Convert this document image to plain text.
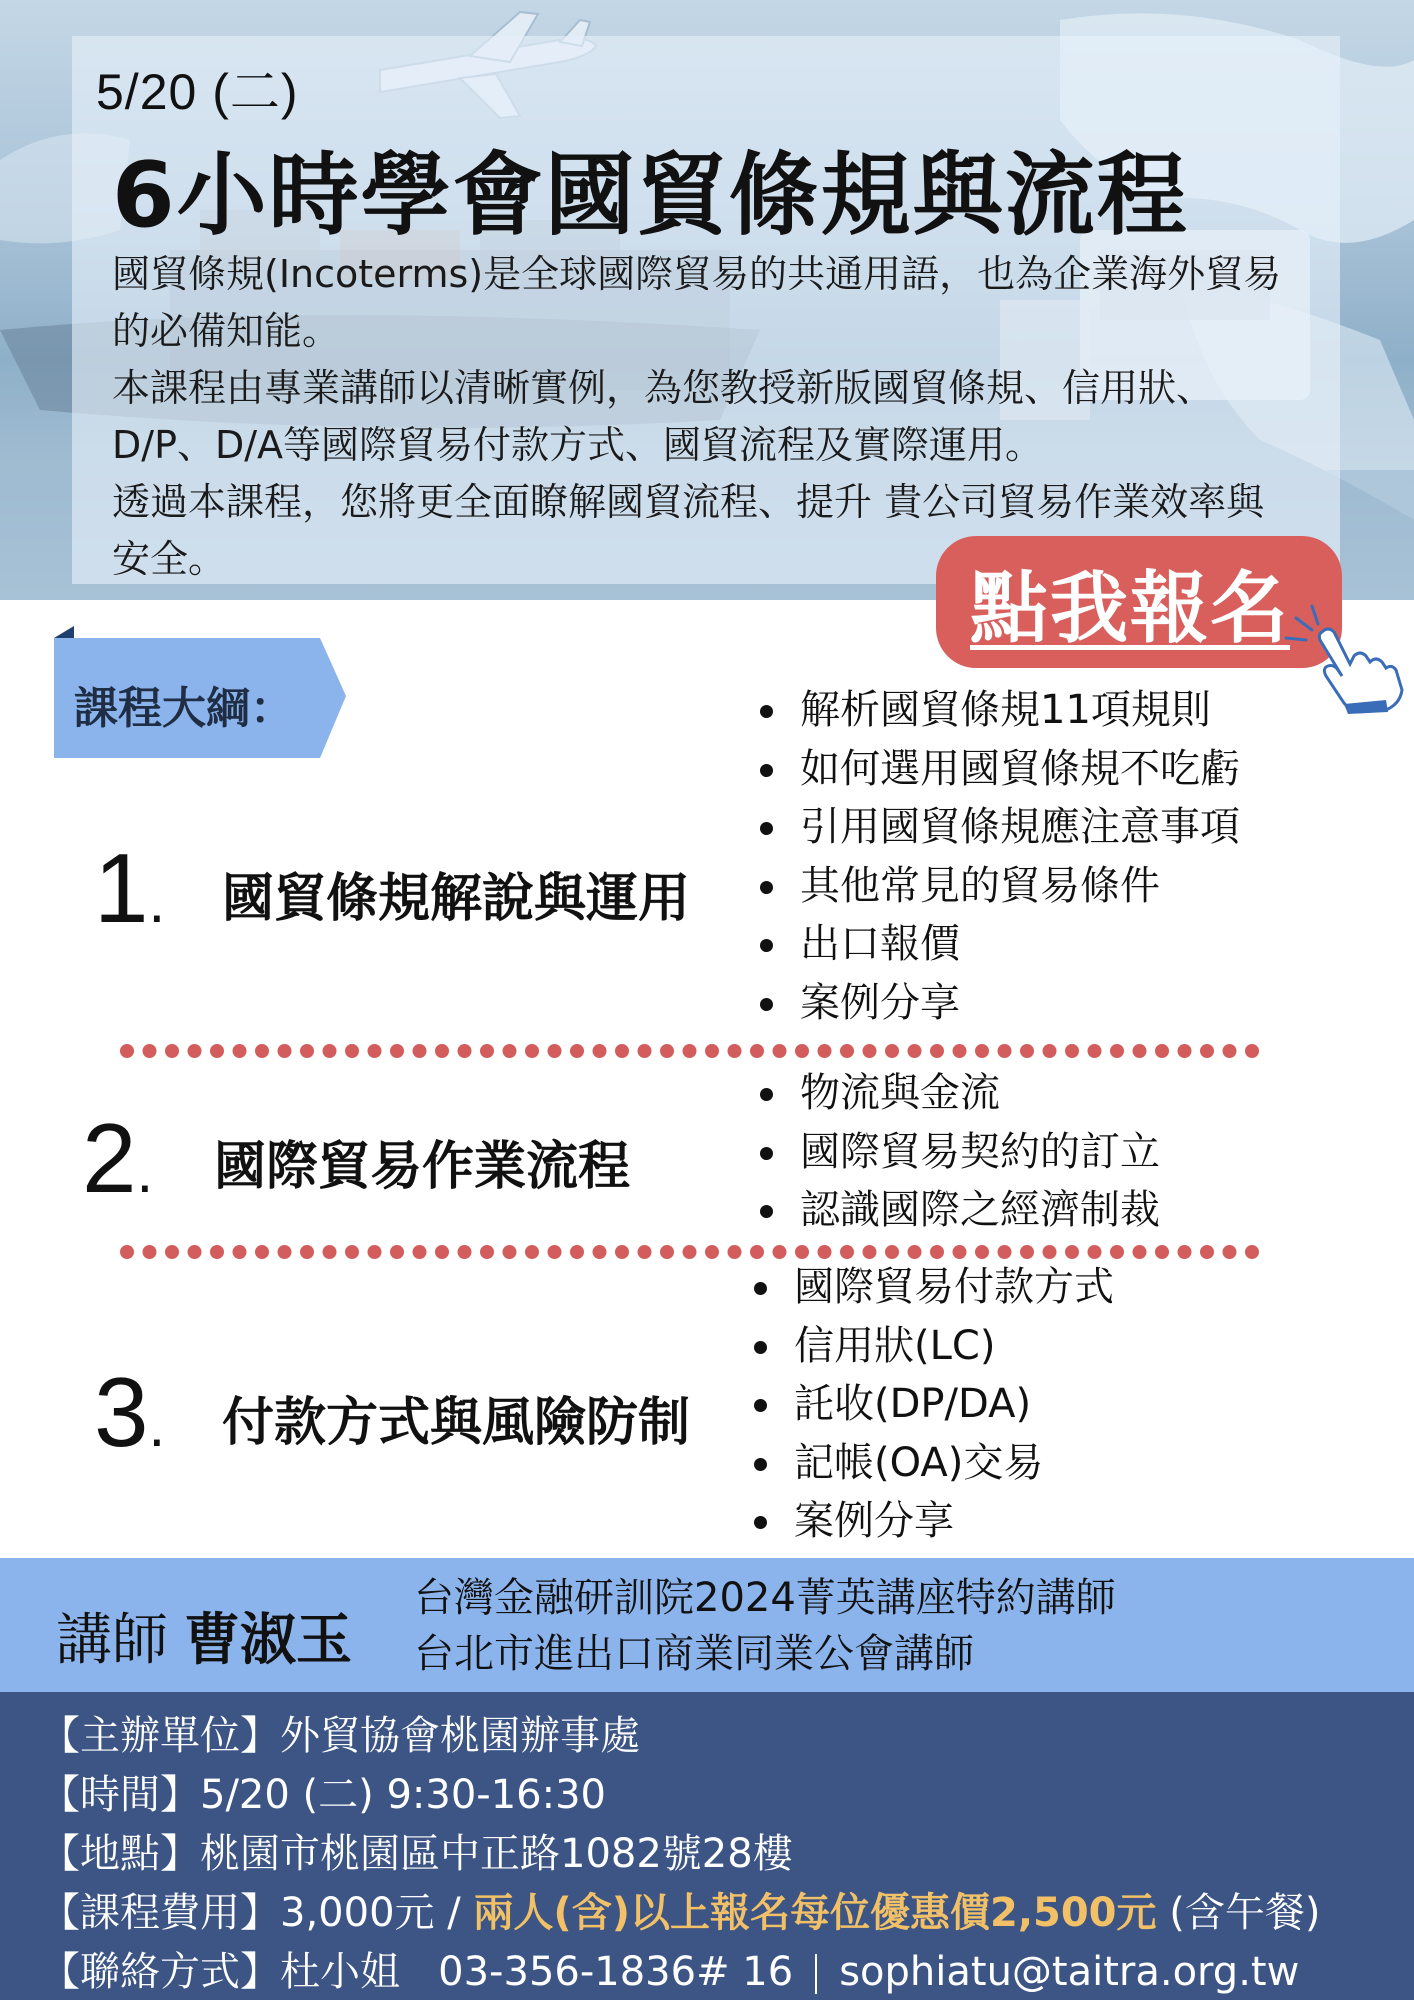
5/20 (二)
6小時學會國貿條規與流程

國貿條規(Incoterms)是全球國際貿易的共通用語，也為企業海外貿易的必備知能。

本課程由專業講師以清晰實例，為您教授新版國貿條規、信用狀、D/P、D/A等國際貿易付款方式、國貿流程及實際運用。

透過本課程，您將更全面瞭解國貿流程、提升 貴公司貿易作業效率與安全。

點我報名
課程大綱：
1. 國貿條規解說與運用
解析國貿條規11項規則
如何選用國貿條規不吃虧
引用國貿條規應注意事項
其他常見的貿易條件
出口報價
案例分享
2. 國際貿易作業流程
物流與金流
國際貿易契約的訂立
認識國際之經濟制裁
3. 付款方式與風險防制
國際貿易付款方式
信用狀(LC)
託收(DP/DA)
記帳(OA)交易
案例分享
講師 曹淑玉
台灣金融研訓院2024菁英講座特約講師
台北市進出口商業同業公會講師
【主辦單位】外貿協會桃園辦事處
【時間】5/20 (二) 9:30-16:30
【地點】桃園市桃園區中正路1082號28樓
【課程費用】3,000元 / 兩人(含)以上報名每位優惠價2,500元 (含午餐)
【聯絡方式】杜小姐 03-356-1836# 16 sophiatu@taitra.org.tw
